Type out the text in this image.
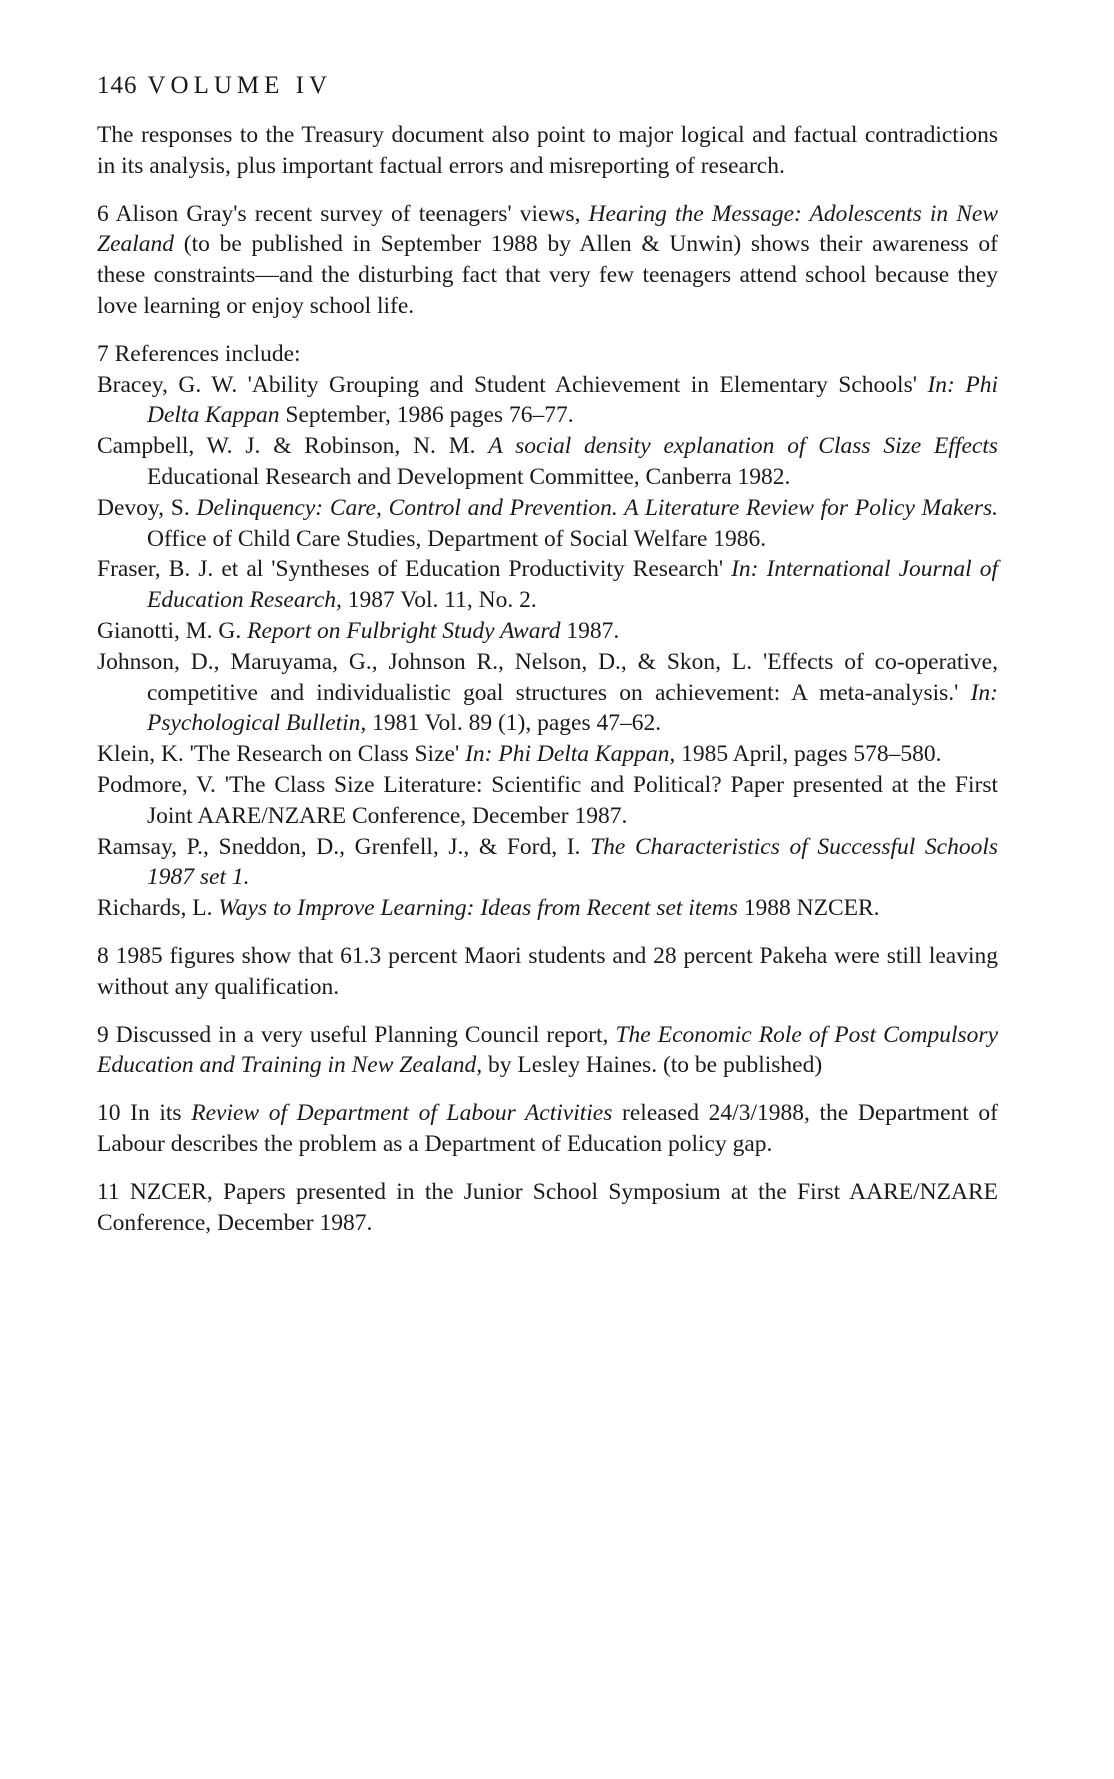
146 VOLUME IV

The responses to the Treasury document also point to major logical and factual contradictions in its analysis, plus important factual errors and misreporting of research.

6 Alison Gray's recent survey of teenagers' views, Hearing the Message: Adolescents in New Zealand (to be published in September 1988 by Allen & Unwin) shows their awareness of these constraints—and the disturbing fact that very few teenagers attend school because they love learning or enjoy school life.

7 References include:

Bracey, G. W. 'Ability Grouping and Student Achievement in Elementary Schools' In: Phi Delta Kappan September, 1986 pages 76–77.

Campbell, W. J. & Robinson, N. M. A social density explanation of Class Size Effects Educational Research and Development Committee, Canberra 1982.

Devoy, S. Delinquency: Care, Control and Prevention. A Literature Review for Policy Makers. Office of Child Care Studies, Department of Social Welfare 1986.

Fraser, B. J. et al 'Syntheses of Education Productivity Research' In: International Journal of Education Research, 1987 Vol. 11, No. 2.

Gianotti, M. G. Report on Fulbright Study Award 1987.

Johnson, D., Maruyama, G., Johnson R., Nelson, D., & Skon, L. 'Effects of co-operative, competitive and individualistic goal structures on achievement: A meta-analysis.' In: Psychological Bulletin, 1981 Vol. 89 (1), pages 47–62.

Klein, K. 'The Research on Class Size' In: Phi Delta Kappan, 1985 April, pages 578–580.

Podmore, V. 'The Class Size Literature: Scientific and Political? Paper presented at the First Joint AARE/NZARE Conference, December 1987.

Ramsay, P., Sneddon, D., Grenfell, J., & Ford, I. The Characteristics of Successful Schools 1987 set 1.

Richards, L. Ways to Improve Learning: Ideas from Recent set items 1988 NZCER.

8 1985 figures show that 61.3 percent Maori students and 28 percent Pakeha were still leaving without any qualification.

9 Discussed in a very useful Planning Council report, The Economic Role of Post Compulsory Education and Training in New Zealand, by Lesley Haines. (to be published)

10 In its Review of Department of Labour Activities released 24/3/1988, the Department of Labour describes the problem as a Department of Education policy gap.

11 NZCER, Papers presented in the Junior School Symposium at the First AARE/NZARE Conference, December 1987.
